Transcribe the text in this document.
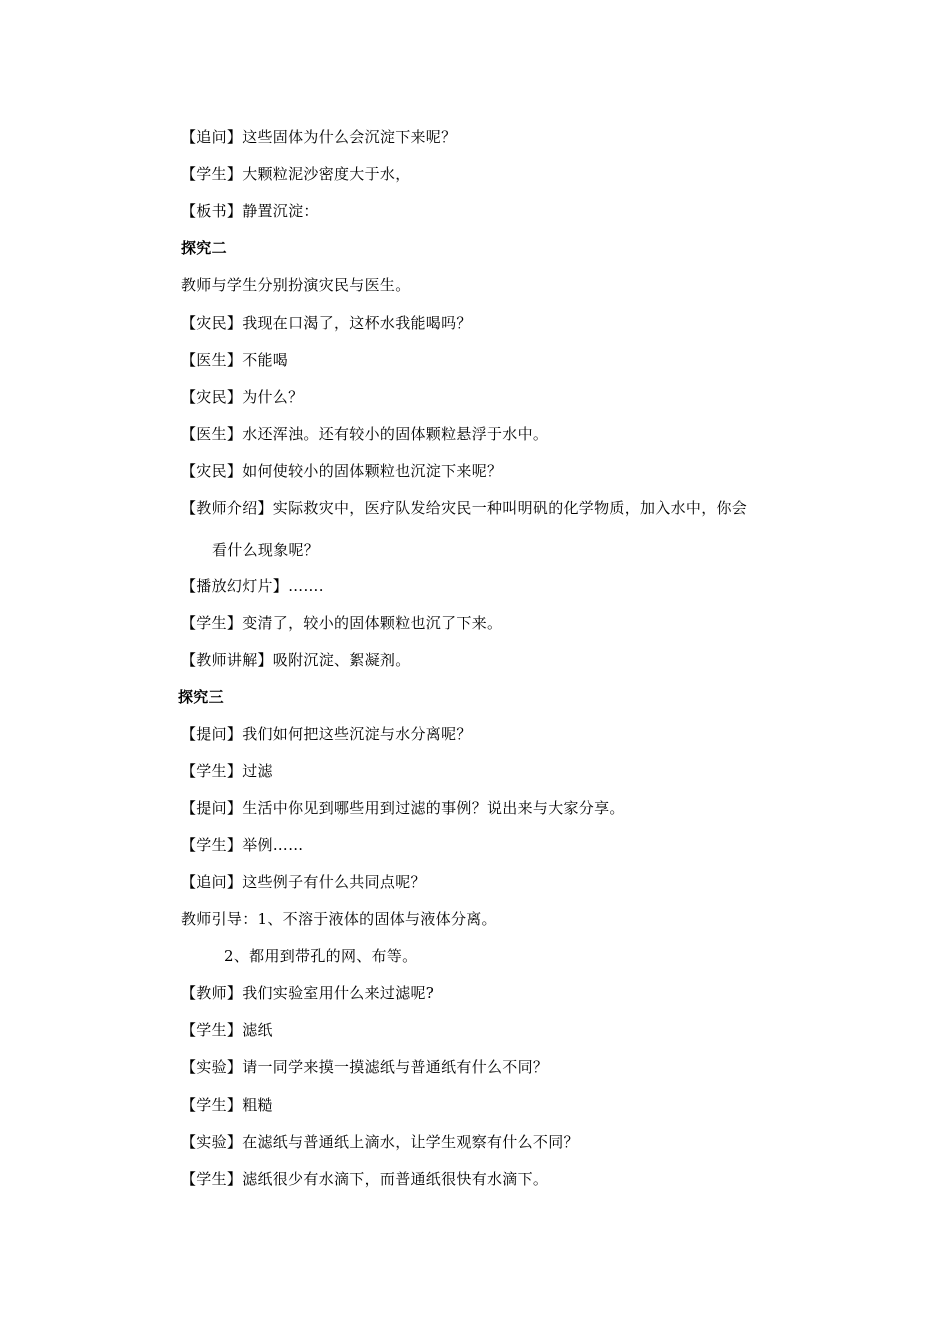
【追问】这些固体为什么会沉淀下来呢？
【学生】大颗粒泥沙密度大于水，
【板书】静置沉淀：
探究二
教师与学生分别扮演灾民与医生。
【灾民】我现在口渴了，这杯水我能喝吗？
【医生】不能喝
【灾民】为什么？
【医生】水还浑浊。还有较小的固体颗粒悬浮于水中。
【灾民】如何使较小的固体颗粒也沉淀下来呢？
【教师介绍】实际救灾中，医疗队发给灾民一种叫明矾的化学物质，加入水中，你会
看什么现象呢？
【播放幻灯片】…….
【学生】变清了，较小的固体颗粒也沉了下来。
【教师讲解】吸附沉淀、絮凝剂。
探究三
【提问】我们如何把这些沉淀与水分离呢？
【学生】过滤
【提问】生活中你见到哪些用到过滤的事例？说出来与大家分享。
【学生】举例……
【追问】这些例子有什么共同点呢？
教师引导：1、不溶于液体的固体与液体分离。
2、都用到带孔的网、布等。
【教师】我们实验室用什么来过滤呢?
【学生】滤纸
【实验】请一同学来摸一摸滤纸与普通纸有什么不同？
【学生】粗糙
【实验】在滤纸与普通纸上滴水，让学生观察有什么不同？
【学生】滤纸很少有水滴下，而普通纸很快有水滴下。
